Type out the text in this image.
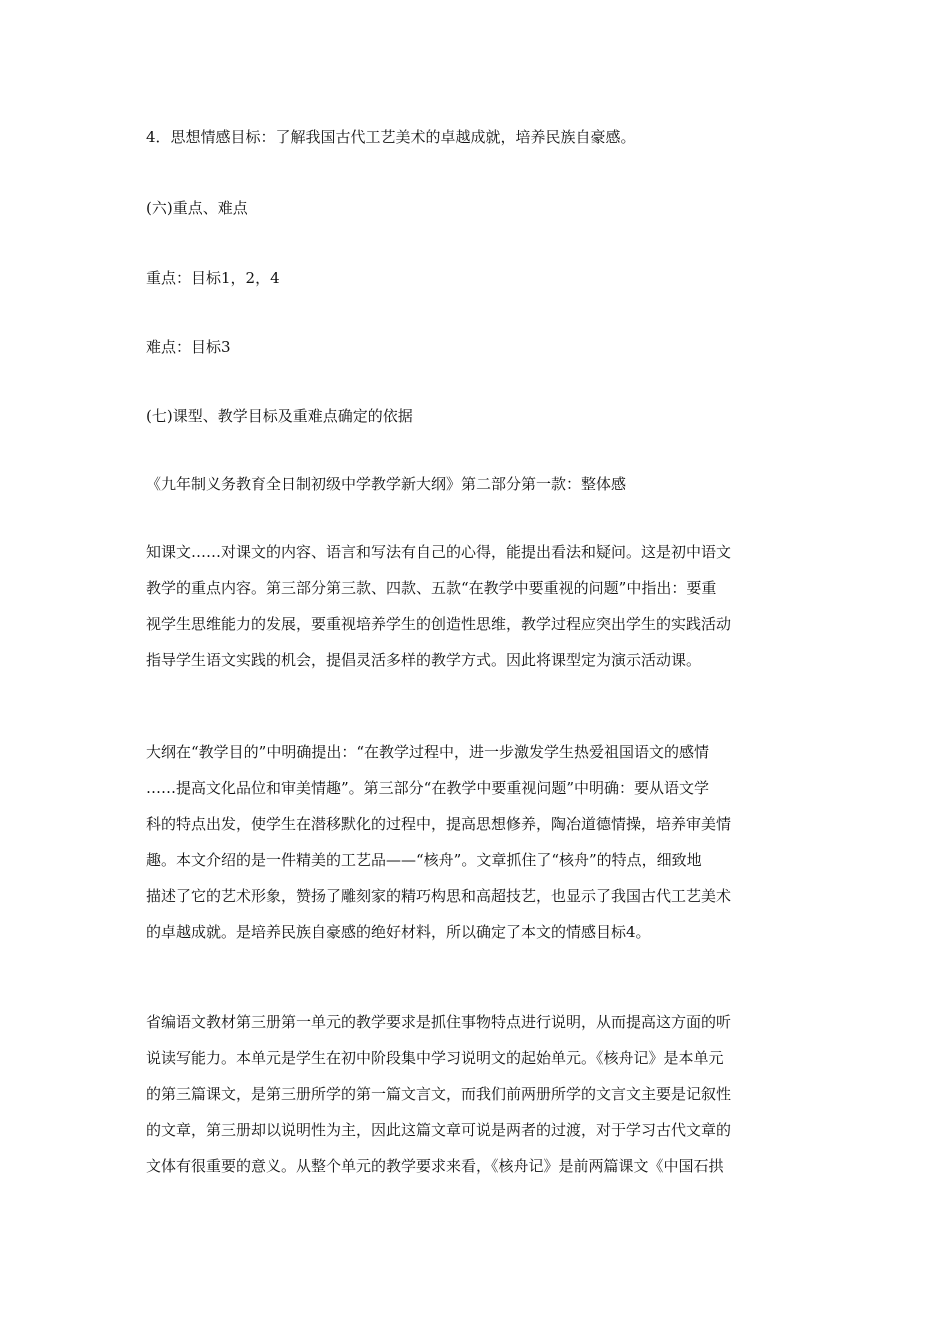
4．思想情感目标：了解我国古代工艺美术的卓越成就，培养民族自豪感。

(六)重点、难点

重点：目标1，2，4

难点：目标3

(七)课型、教学目标及重难点确定的依据

《九年制义务教育全日制初级中学教学新大纲》第二部分第一款：整体感

知课文……对课文的内容、语言和写法有自己的心得，能提出看法和疑问。这是初中语文
教学的重点内容。第三部分第三款、四款、五款“在教学中要重视的问题”中指出：要重
视学生思维能力的发展，要重视培养学生的创造性思维，教学过程应突出学生的实践活动
指导学生语文实践的机会，提倡灵活多样的教学方式。因此将课型定为演示活动课。
大纲在“教学目的”中明确提出：“在教学过程中，进一步激发学生热爱祖国语文的感情
……提高文化品位和审美情趣”。第三部分“在教学中要重视问题”中明确：要从语文学
科的特点出发，使学生在潜移默化的过程中，提高思想修养，陶冶道德情操，培养审美情
趣。本文介绍的是一件精美的工艺品——“核舟”。文章抓住了“核舟”的特点，细致地
描述了它的艺术形象，赞扬了雕刻家的精巧构思和高超技艺，也显示了我国古代工艺美术
的卓越成就。是培养民族自豪感的绝好材料，所以确定了本文的情感目标4。
省编语文教材第三册第一单元的教学要求是抓住事物特点进行说明，从而提高这方面的听
说读写能力。本单元是学生在初中阶段集中学习说明文的起始单元。《核舟记》是本单元
的第三篇课文，是第三册所学的第一篇文言文，而我们前两册所学的文言文主要是记叙性
的文章，第三册却以说明性为主，因此这篇文章可说是两者的过渡，对于学习古代文章的
文体有很重要的意义。从整个单元的教学要求来看，《核舟记》是前两篇课文《中国石拱
